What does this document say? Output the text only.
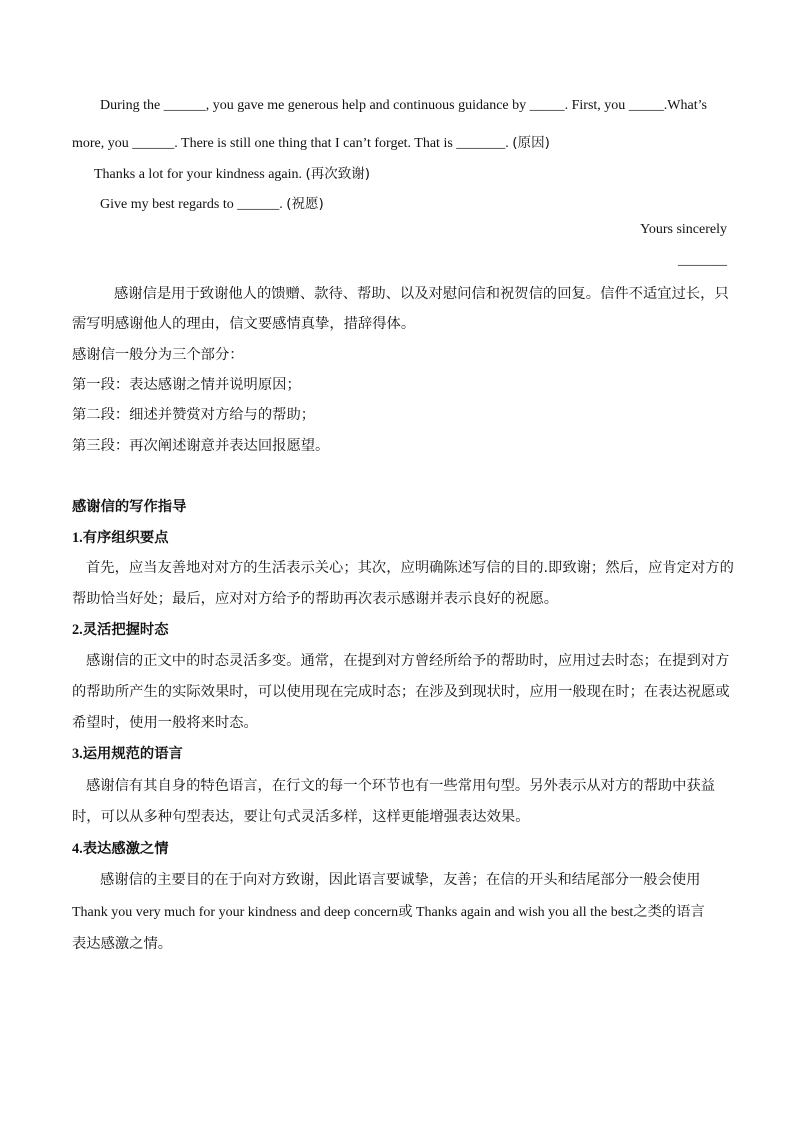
During the ______, you gave me generous help and continuous guidance by _____. First, you _____.What’s
more, you ______. There is still one thing that I can’t forget. That is _______. (原因)
Thanks a lot for your kindness again. (再次致谢)
Give my best regards to ______. (祝愿)
Yours sincerely
_______
感谢信是用于致谢他人的馈赠、款待、帮助、以及对慰问信和祝贺信的回复。信件不适宜过长，只
需写明感谢他人的理由，信文要感情真挚，措辞得体。
感谢信一般分为三个部分：
第一段：表达感谢之情并说明原因；
第二段：细述并赞赏对方给与的帮助；
第三段：再次阐述谢意并表达回报愿望。
感谢信的写作指导
1.有序组织要点
首先，应当友善地对对方的生活表示关心；其次，应明确陈述写信的目的.即致谢；然后，应肯定对方的
帮助恰当好处；最后，应对对方给予的帮助再次表示感谢并表示良好的祝愿。
2.灵活把握时态
感谢信的正文中的时态灵活多变。通常，在提到对方曾经所给予的帮助时，应用过去时态；在提到对方
的帮助所产生的实际效果时，可以使用现在完成时态；在涉及到现状时，应用一般现在时；在表达祝愿或
希望时，使用一般将来时态。
3.运用规范的语言
感谢信有其自身的特色语言，在行文的每一个环节也有一些常用句型。另外表示从对方的帮助中获益
时，可以从多种句型表达，要让句式灵活多样，这样更能增强表达效果。
4.表达感激之情
感谢信的主要目的在于向对方致谢，因此语言要诚挚，友善；在信的开头和结尾部分一般会使用
Thank you very much for your kindness and deep concern或 Thanks again and wish you all the best之类的语言
表达感激之情。
